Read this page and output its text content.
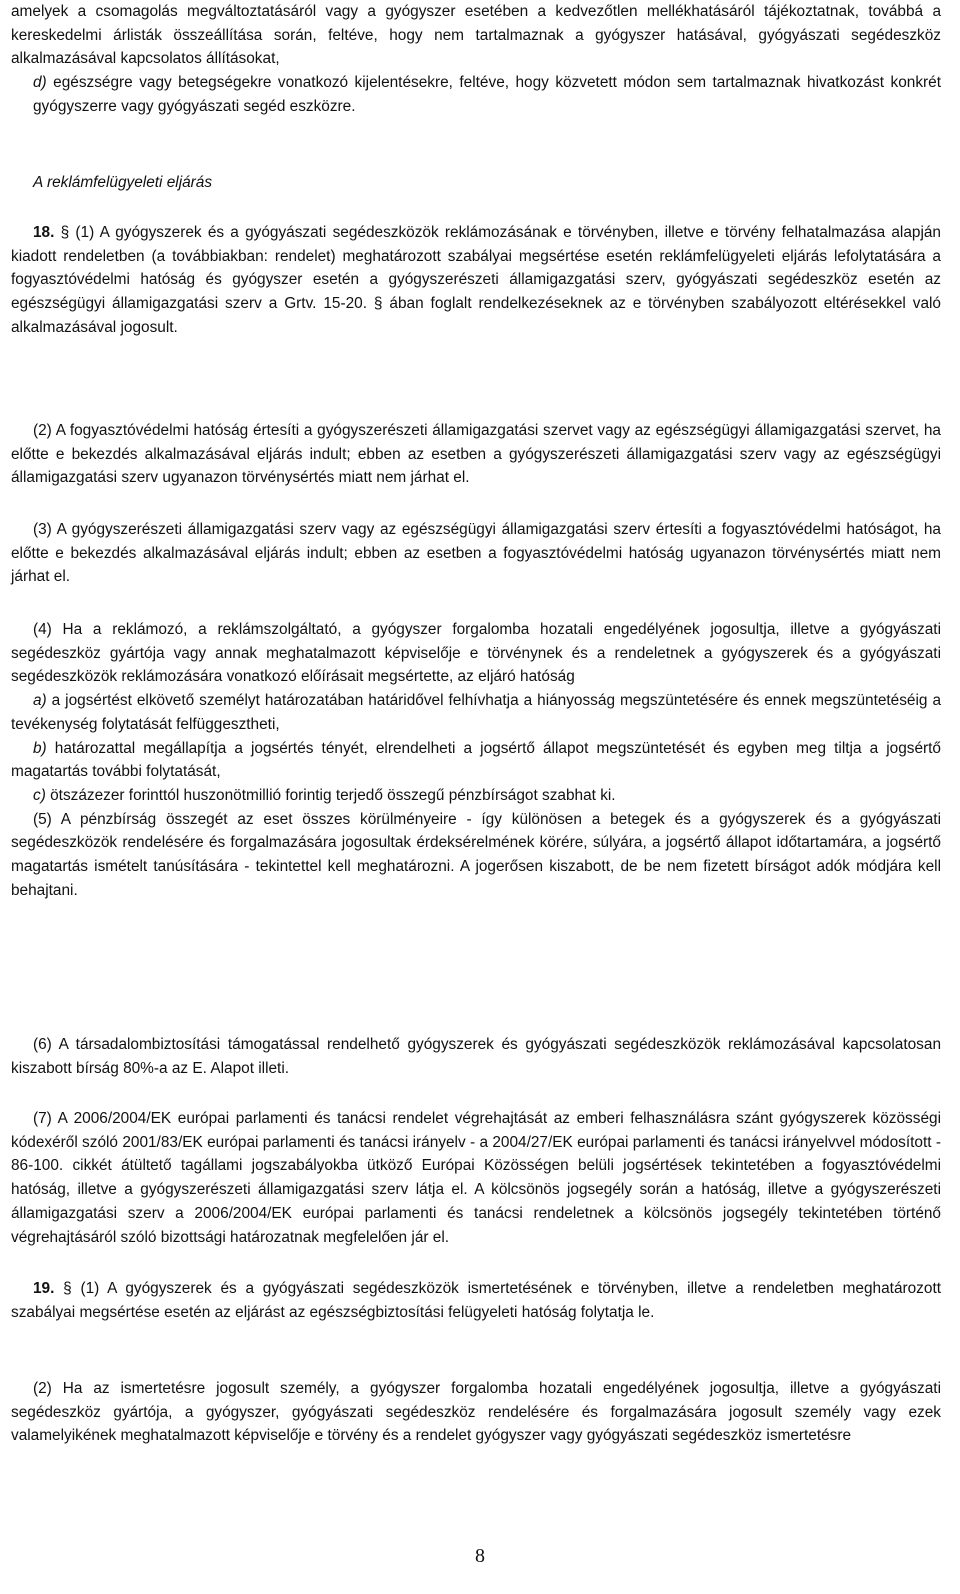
amelyek a csomagolás megváltoztatásáról vagy a gyógyszer esetében a kedvezőtlen mellékhatásáról tájékoztatnak, továbbá a kereskedelmi árlisták összeállítása során, feltéve, hogy nem tartalmaznak a gyógyszer hatásával, gyógyászati segédeszköz alkalmazásával kapcsolatos állításokat,

d) egészségre vagy betegségekre vonatkozó kijelentésekre, feltéve, hogy közvetett módon sem tartalmaznak hivatkozást konkrét gyógyszerre vagy gyógyászati segéd eszközre.

A reklámfelügyeleti eljárás

18. § (1) A gyógyszerek és a gyógyászati segédeszközök reklámozásának e törvényben, illetve e törvény felhatalmazása alapján kiadott rendeletben (a továbbiakban: rendelet) meghatározott szabályai megsértése esetén reklámfelügyeleti eljárás lefolytatására a fogyasztóvédelmi hatóság és gyógyszer esetén a gyógyszerészeti államigazgatási szerv, gyógyászati segédeszköz esetén az egészségügyi államigazgatási szerv a Grtv. 15-20. § ában foglalt rendelkezéseknek az e törvényben szabályozott eltérésekkel való alkalmazásával jogosult.

(2) A fogyasztóvédelmi hatóság értesíti a gyógyszerészeti államigazgatási szervet vagy az egészségügyi államigazgatási szervet, ha előtte e bekezdés alkalmazásával eljárás indult; ebben az esetben a gyógyszerészeti államigazgatási szerv vagy az egészségügyi államigazgatási szerv ugyanazon törvénysértés miatt nem járhat el.

(3) A gyógyszerészeti államigazgatási szerv vagy az egészségügyi államigazgatási szerv értesíti a fogyasztóvédelmi hatóságot, ha előtte e bekezdés alkalmazásával eljárás indult; ebben az esetben a fogyasztóvédelmi hatóság ugyanazon törvénysértés miatt nem járhat el.

(4) Ha a reklámozó, a reklámszolgáltató, a gyógyszer forgalomba hozatali engedélyének jogosultja, illetve a gyógyászati segédeszköz gyártója vagy annak meghatalmazott képviselője e törvénynek és a rendeletnek a gyógyszerek és a gyógyászati segédeszközök reklámozására vonatkozó előírásait megsértette, az eljáró hatóság

a) a jogsértést elkövető személyt határozatában határidővel felhívhatja a hiányosság megszüntetésére és ennek megszüntetéséig a tevékenység folytatását felfüggesztheti,

b) határozattal megállapítja a jogsértés tényét, elrendelheti a jogsértő állapot megszüntetését és egyben meg tiltja a jogsértő magatartás további folytatását,

c) ötszázezer forinttól huszonötmillió forintig terjedő összegű pénzbírságot szabhat ki.

(5) A pénzbírság összegét az eset összes körülményeire - így különösen a betegek és a gyógyszerek és a gyógyászati segédeszközök rendelésére és forgalmazására jogosultak érdeksérelmének körére, súlyára, a jogsértő állapot időtartamára, a jogsértő magatartás ismételt tanúsítására - tekintettel kell meghatározni. A jogerősen kiszabott, de be nem fizetett bírságot adók módjára kell behajtani.

(6) A társadalombiztosítási támogatással rendelhető gyógyszerek és gyógyászati segédeszközök reklámozásával kapcsolatosan kiszabott bírság 80%-a az E. Alapot illeti.

(7) A 2006/2004/EK európai parlamenti és tanácsi rendelet végrehajtását az emberi felhasználásra szánt gyógyszerek közösségi kódexéről szóló 2001/83/EK európai parlamenti és tanácsi irányelv - a 2004/27/EK európai parlamenti és tanácsi irányelvvel módosított - 86-100. cikkét átültető tagállami jogszabályokba ütköző Európai Közösségen belüli jogsértések tekintetében a fogyasztóvédelmi hatóság, illetve a gyógyszerészeti államigazgatási szerv látja el. A kölcsönös jogsegély során a hatóság, illetve a gyógyszerészeti államigazgatási szerv a 2006/2004/EK európai parlamenti és tanácsi rendeletnek a kölcsönös jogsegély tekintetében történő végrehajtásáról szóló bizottsági határozatnak megfelelően jár el.

19. § (1) A gyógyszerek és a gyógyászati segédeszközök ismertetésének e törvényben, illetve a rendeletben meghatározott szabályai megsértése esetén az eljárást az egészségbiztosítási felügyeleti hatóság folytatja le.

(2) Ha az ismertetésre jogosult személy, a gyógyszer forgalomba hozatali engedélyének jogosultja, illetve a gyógyászati segédeszköz gyártója, a gyógyszer, gyógyászati segédeszköz rendelésére és forgalmazására jogosult személy vagy ezek valamelyikének meghatalmazott képviselője e törvény és a rendelet gyógyszer vagy gyógyászati segédeszköz ismertetésre

8
